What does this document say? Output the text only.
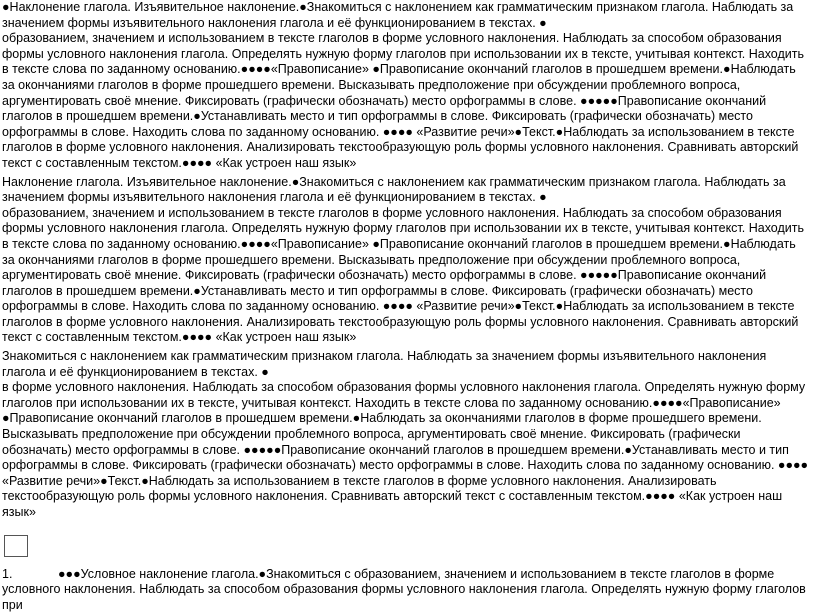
●Наклонение глагола. Изъявительное наклонение.●Знакомиться с наклонением как грамматическим признаком глагола. Наблюдать за значением формы изъявительного наклонения глагола и её функционированием в текстах. ●

образованием, значением и использованием в тексте глаголов в форме условного наклонения. Наблюдать за способом образования формы условного наклонения глагола. Определять нужную форму глаголов при использовании их в тексте, учитывая контекст. Находить в тексте слова по заданному основанию.●●●●«Правописание» ●Правописание окончаний глаголов в прошедшем времени.●Наблюдать за окончаниями глаголов в форме прошедшего времени. Высказывать предположение при обсуждении проблемного вопроса, аргументировать своё мнение. Фиксировать (графически обозначать) место орфограммы в слове. ●●●●●Правописание окончаний глаголов в прошедшем времени.●Устанавливать место и тип орфограммы в слове. Фиксировать (графически обозначать) место орфограммы в слове. Находить слова по заданному основанию. ●●●● «Развитие речи»●Текст.●Наблюдать за использованием в тексте глаголов в форме условного наклонения. Анализировать текстообразующую роль формы условного наклонения. Сравнивать авторский текст с составленным текстом.●●●● «Как устроен наш язык»

Наклонение глагола. Изъявительное наклонение.●Знакомиться с наклонением как грамматическим признаком глагола. Наблюдать за значением формы изъявительного наклонения глагола и её функционированием в текстах. ●

образованием, значением и использованием в тексте глаголов в форме условного наклонения. Наблюдать за способом образования формы условного наклонения глагола. Определять нужную форму глаголов при использовании их в тексте, учитывая контекст. Находить в тексте слова по заданному основанию.●●●●«Правописание» ●Правописание окончаний глаголов в прошедшем времени.●Наблюдать за окончаниями глаголов в форме прошедшего времени. Высказывать предположение при обсуждении проблемного вопроса, аргументировать своё мнение. Фиксировать (графически обозначать) место орфограммы в слове. ●●●●●Правописание окончаний глаголов в прошедшем времени.●Устанавливать место и тип орфограммы в слове. Фиксировать (графически обозначать) место орфограммы в слове. Находить слова по заданному основанию. ●●●● «Развитие речи»●Текст.●Наблюдать за использованием в тексте глаголов в форме условного наклонения. Анализировать текстообразующую роль формы условного наклонения. Сравнивать авторский текст с составленным текстом.●●●● «Как устроен наш язык»

Знакомиться с наклонением как грамматическим признаком глагола. Наблюдать за значением формы изъявительного наклонения глагола и её функционированием в текстах. ●

в форме условного наклонения. Наблюдать за способом образования формы условного наклонения глагола. Определять нужную форму глаголов при использовании их в тексте, учитывая контекст. Находить в тексте слова по заданному основанию.●●●●«Правописание» ●Правописание окончаний глаголов в прошедшем времени.●Наблюдать за окончаниями глаголов в форме прошедшего времени. Высказывать предположение при обсуждении проблемного вопроса, аргументировать своё мнение. Фиксировать (графически обозначать) место орфограммы в слове. ●●●●●Правописание окончаний глаголов в прошедшем времени.●Устанавливать место и тип орфограммы в слове. Фиксировать (графически обозначать) место орфограммы в слове. Находить слова по заданному основанию. ●●●● «Развитие речи»●Текст.●Наблюдать за использованием в тексте глаголов в форме условного наклонения. Анализировать текстообразующую роль формы условного наклонения. Сравнивать авторский текст с составленным текстом.●●●● «Как устроен наш язык»

1.	●●●Условное наклонение глагола.●Знакомиться с образованием, значением и использованием в тексте глаголов в форме условного наклонения. Наблюдать за способом образования формы условного наклонения глагола. Определять нужную форму глаголов при
